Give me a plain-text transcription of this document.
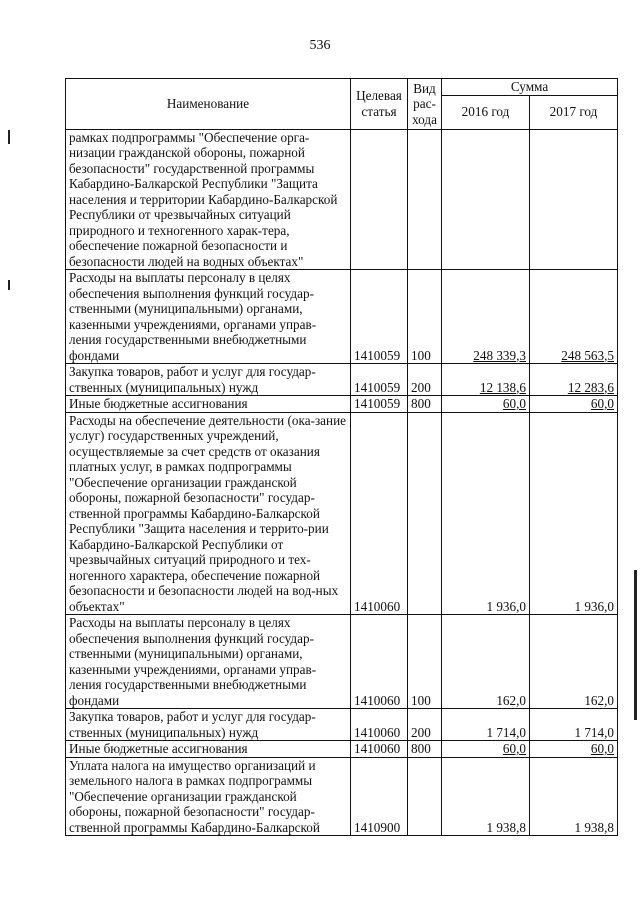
536
Наименование	Целевая статья	Вид рас-хода	Сумма	
			2016 год	2017 год
рамках подпрограммы "Обеспечение орга-низации гражданской обороны, пожарной безопасности" государственной программы Кабардино-Балкарской Республики "Защита населения и территории Кабардино-Балкарской Республики от чрезвычайных ситуаций природного и техногенного харак-тера, обеспечение пожарной безопасности и безопасности людей на водных объектах"				
Расходы на выплаты персоналу в целях обеспечения выполнения функций государ-ственными (муниципальными) органами, казенными учреждениями, органами управ-ления государственными внебюджетными фондами	1410059	100	248 339,3	248 563,5
Закупка товаров, работ и услуг для государ-ственных (муниципальных) нужд	1410059	200	12 138,6	12 283,6
Иные бюджетные ассигнования	1410059	800	60,0	60,0
Расходы на обеспечение деятельности (ока-зание услуг) государственных учреждений, осуществляемые за счет средств от оказания платных услуг, в рамках подпрограммы "Обеспечение организации гражданской обороны, пожарной безопасности" государ-ственной программы Кабардино-Балкарской Республики "Защита населения и террито-рии Кабардино-Балкарской Республики от чрезвычайных ситуаций природного и тех-ногенного характера, обеспечение пожарной безопасности и безопасности людей на вод-ных объектах"	1410060		1 936,0	1 936,0
Расходы на выплаты персоналу в целях обеспечения выполнения функций государ-ственными (муниципальными) органами, казенными учреждениями, органами управ-ления государственными внебюджетными фондами	1410060	100	162,0	162,0
Закупка товаров, работ и услуг для государ-ственных (муниципальных) нужд	1410060	200	1 714,0	1 714,0
Иные бюджетные ассигнования	1410060	800	60,0	60,0
Уплата налога на имущество организаций и земельного налога в рамках подпрограммы "Обеспечение организации гражданской обороны, пожарной безопасности" государ-ственной программы Кабардино-Балкарской	1410900		1 938,8	1 938,8
